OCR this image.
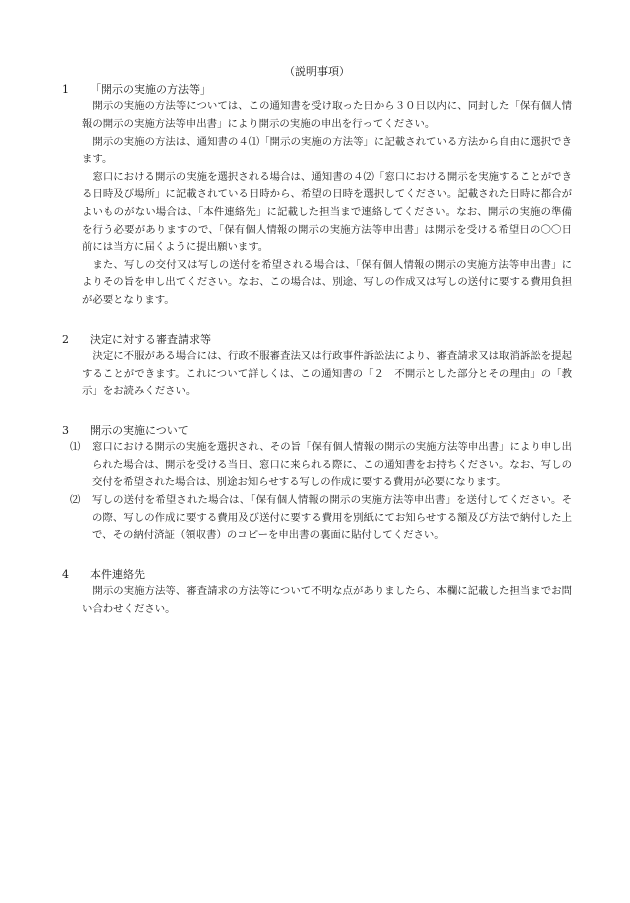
（説明事項）
1 「開示の実施の方法等」

開示の実施の方法等については、この通知書を受け取った日から３０日以内に、同封した「保有個人情報の開示の実施方法等申出書」により開示の実施の申出を行ってください。

開示の実施の方法は、通知書の４⑴「開示の実施の方法等」に記載されている方法から自由に選択できます。

窓口における開示の実施を選択される場合は、通知書の４⑵「窓口における開示を実施することができる日時及び場所」に記載されている日時から、希望の日時を選択してください。記載された日時に都合がよいものがない場合は、「本件連絡先」に記載した担当まで連絡してください。なお、開示の実施の準備を行う必要がありますので、「保有個人情報の開示の実施方法等申出書」は開示を受ける希望日の〇〇日前には当方に届くように提出願います。

また、写しの交付又は写しの送付を希望される場合は、「保有個人情報の開示の実施方法等申出書」によりその旨を申し出てください。なお、この場合は、別途、写しの作成又は写しの送付に要する費用負担が必要となります。

2 決定に対する審査請求等

決定に不服がある場合には、行政不服審査法又は行政事件訴訟法により、審査請求又は取消訴訟を提起することができます。これについて詳しくは、この通知書の「２　不開示とした部分とその理由」の「教示」をお読みください。

3 開示の実施について
⑴ 窓口における開示の実施を選択され、その旨「保有個人情報の開示の実施方法等申出書」により申し出られた場合は、開示を受ける当日、窓口に来られる際に、この通知書をお持ちください。なお、写しの交付を希望された場合は、別途お知らせする写しの作成に要する費用が必要になります。
⑵ 写しの送付を希望された場合は、「保有個人情報の開示の実施方法等申出書」を送付してください。その際、写しの作成に要する費用及び送付に要する費用を別紙にてお知らせする額及び方法で納付した上で、その納付済証（領収書）のコピーを申出書の裏面に貼付してください。
4 本件連絡先

開示の実施方法等、審査請求の方法等について不明な点がありましたら、本欄に記載した担当までお問い合わせください。
